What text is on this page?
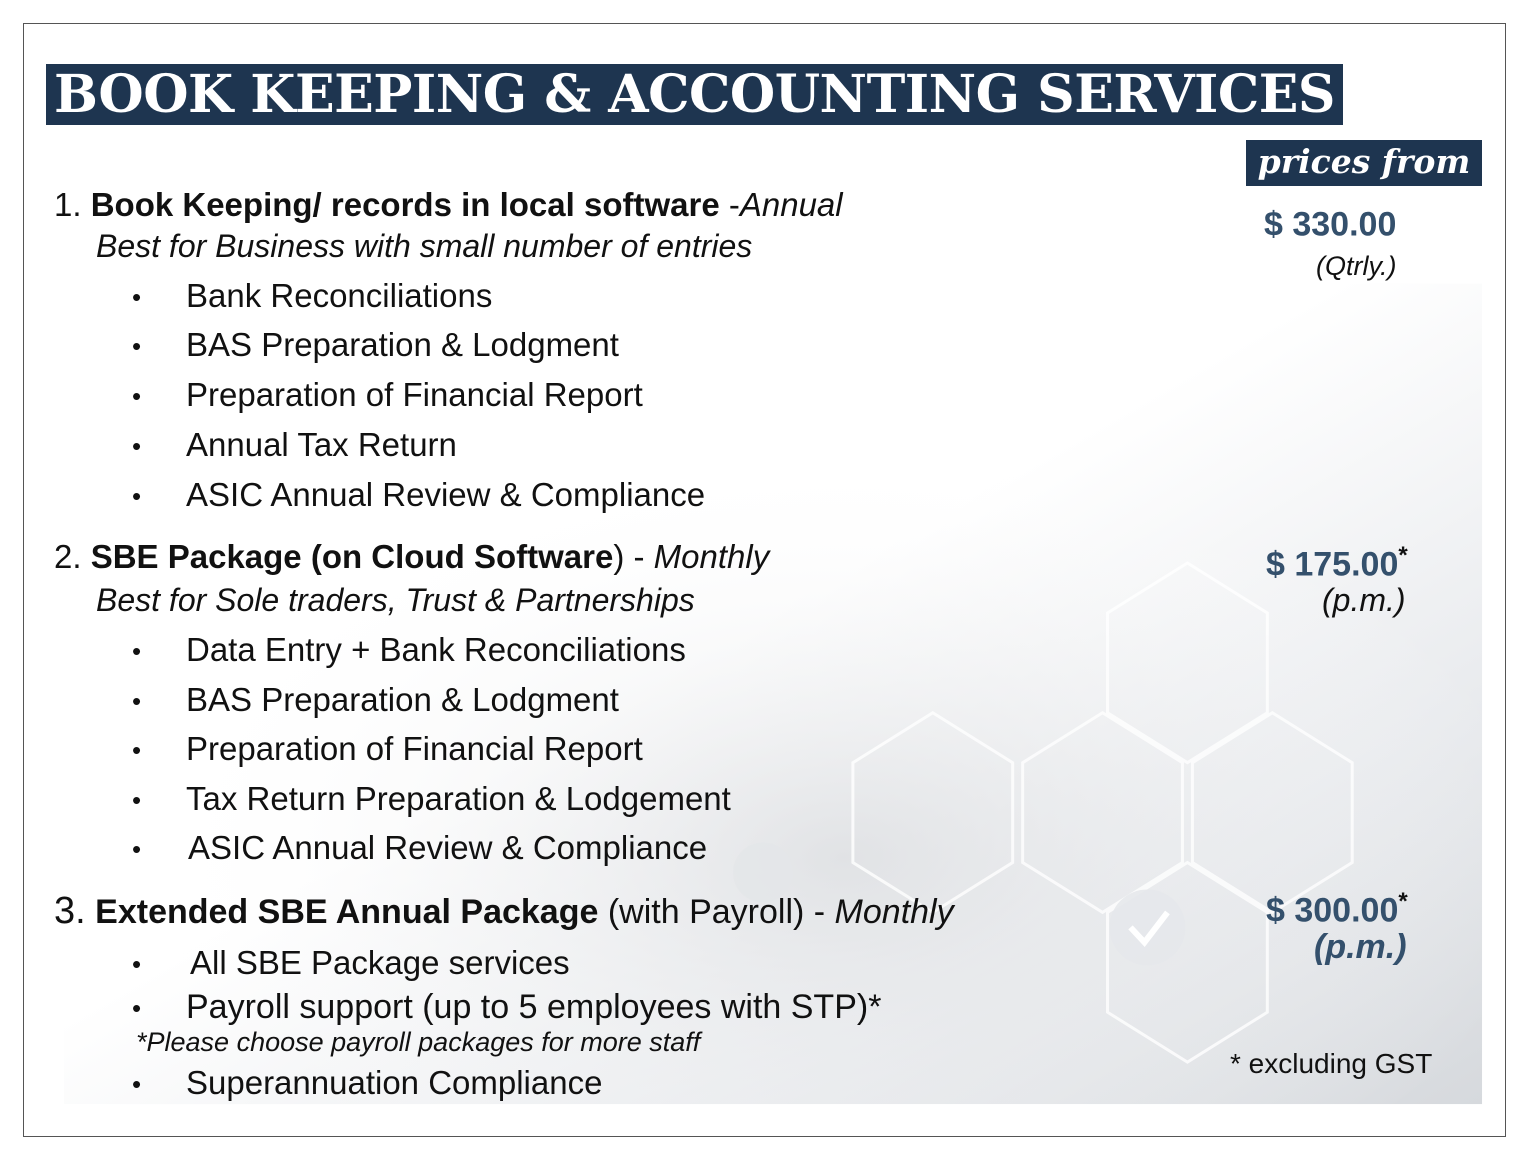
BOOK KEEPING & ACCOUNTING SERVICES
prices from
1. Book Keeping/ records in local software -Annual
Best for Business with small number of entries
• Bank Reconciliations
• BAS Preparation & Lodgment
• Preparation of Financial Report
• Annual Tax Return
• ASIC Annual Review & Compliance
$ 330.00
(Qtrly.)
2. SBE Package (on Cloud Software) - Monthly
Best for Sole traders, Trust & Partnerships
• Data Entry + Bank Reconciliations
• BAS Preparation & Lodgment
• Preparation of Financial Report
• Tax Return Preparation & Lodgement
• ASIC Annual Review & Compliance
$ 175.00*
(p.m.)
3. Extended SBE Annual Package (with Payroll) - Monthly
• All SBE Package services
• Payroll support (up to 5 employees with STP)*
• Superannuation Compliance
$ 300.00*
(p.m.)
*Please choose payroll packages for more staff
* excluding GST
